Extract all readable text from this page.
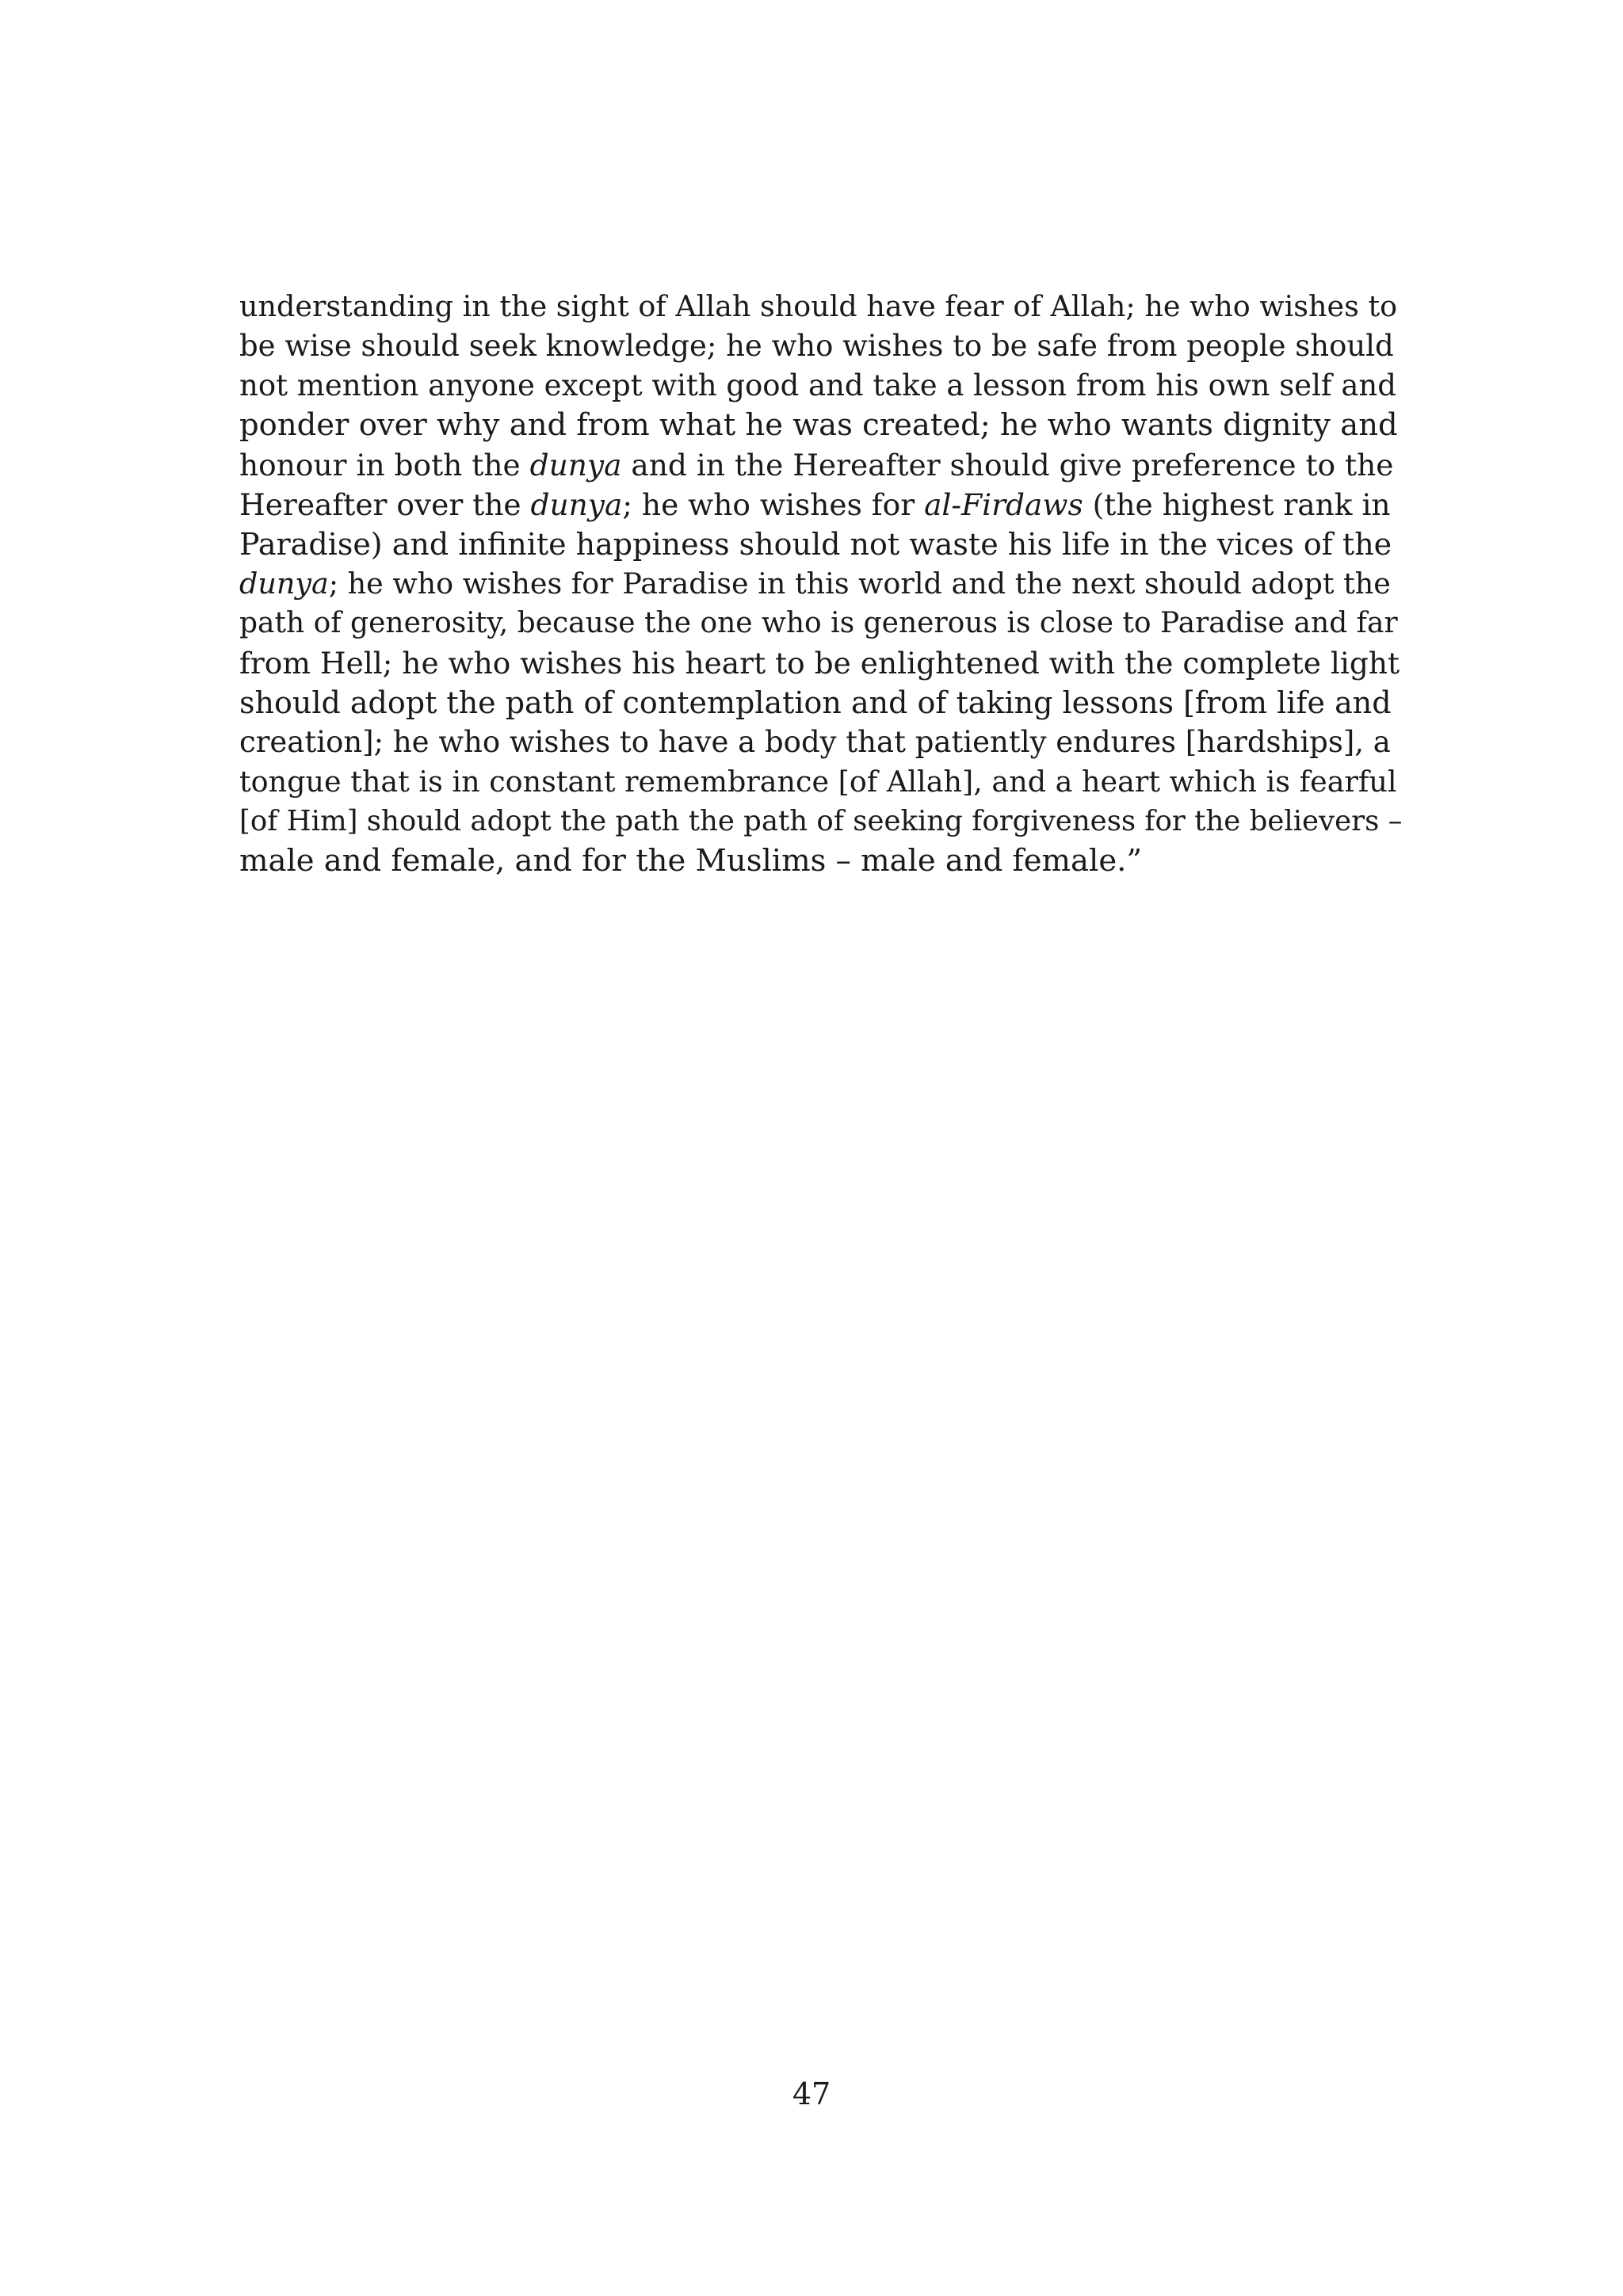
understanding in the sight of Allah should have fear of Allah; he who wishes to
be wise should seek knowledge; he who wishes to be safe from people should
not mention anyone except with good and take a lesson from his own self and
ponder over why and from what he was created; he who wants dignity and
honour in both the dunya and in the Hereafter should give preference to the
Hereafter over the dunya; he who wishes for al-Firdaws (the highest rank in
Paradise) and infinite happiness should not waste his life in the vices of the
dunya; he who wishes for Paradise in this world and the next should adopt the
path of generosity, because the one who is generous is close to Paradise and far
from Hell; he who wishes his heart to be enlightened with the complete light
should adopt the path of contemplation and of taking lessons [from life and
creation]; he who wishes to have a body that patiently endures [hardships], a
tongue that is in constant remembrance [of Allah], and a heart which is fearful
[of Him] should adopt the path the path of seeking forgiveness for the believers –
male and female, and for the Muslims – male and female.”

47
